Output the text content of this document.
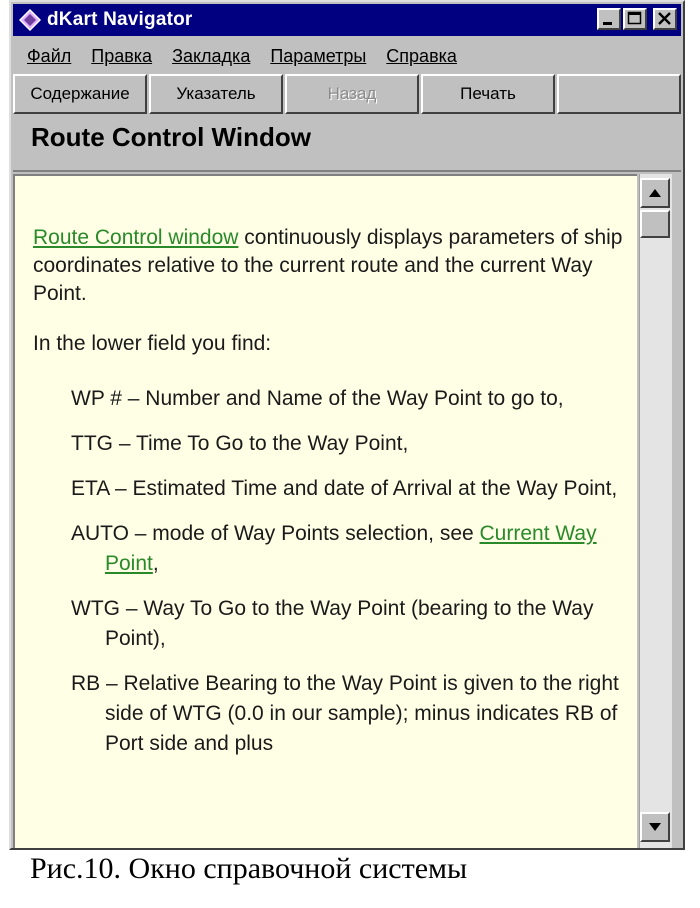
dKart Navigator
Файл Правка Закладка Параметры Справка
Содержание	Указатель	Назад	Печать
Route Control Window

Route Control window continuously displays parameters of ship coordinates relative to the current route and the current Way Point.

In the lower field you find:

WP # – Number and Name of the Way Point to go to,
TTG – Time To Go to the Way Point,
ETA – Estimated Time and date of Arrival at the Way Point,
AUTO – mode of Way Points selection, see Current Way Point,
WTG – Way To Go to the Way Point (bearing to the Way Point),
RB – Relative Bearing to the Way Point is given to the right side of WTG (0.0 in our sample); minus indicates RB of Port side and plus
Рис.10. Окно справочной системы
